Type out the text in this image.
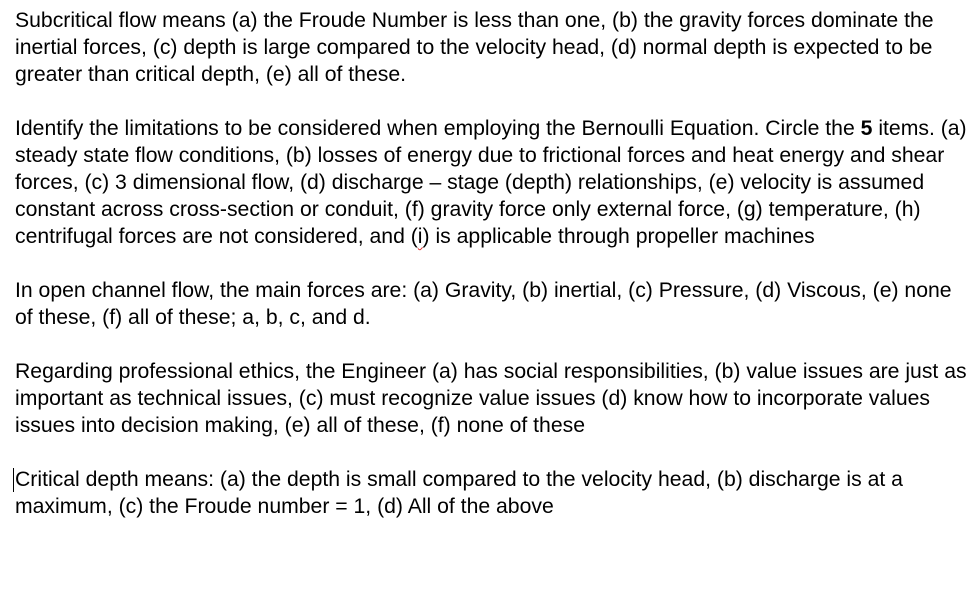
Subcritical flow means (a) the Froude Number is less than one, (b) the gravity forces dominate the inertial forces, (c) depth is large compared to the velocity head, (d) normal depth is expected to be greater than critical depth, (e) all of these.

Identify the limitations to be considered when employing the Bernoulli Equation. Circle the 5 items. (a) steady state flow conditions, (b) losses of energy due to frictional forces and heat energy and shear forces, (c) 3 dimensional flow, (d) discharge – stage (depth) relationships, (e) velocity is assumed constant across cross-section or conduit, (f) gravity force only external force, (g) temperature, (h) centrifugal forces are not considered, and (i) is applicable through propeller machines

In open channel flow, the main forces are: (a) Gravity, (b) inertial, (c) Pressure, (d) Viscous, (e) none of these, (f) all of these; a, b, c, and d.

Regarding professional ethics, the Engineer (a) has social responsibilities, (b) value issues are just as important as technical issues, (c) must recognize value issues (d) know how to incorporate values issues into decision making, (e) all of these, (f) none of these

Critical depth means: (a) the depth is small compared to the velocity head, (b) discharge is at a maximum, (c) the Froude number = 1, (d) All of the above
